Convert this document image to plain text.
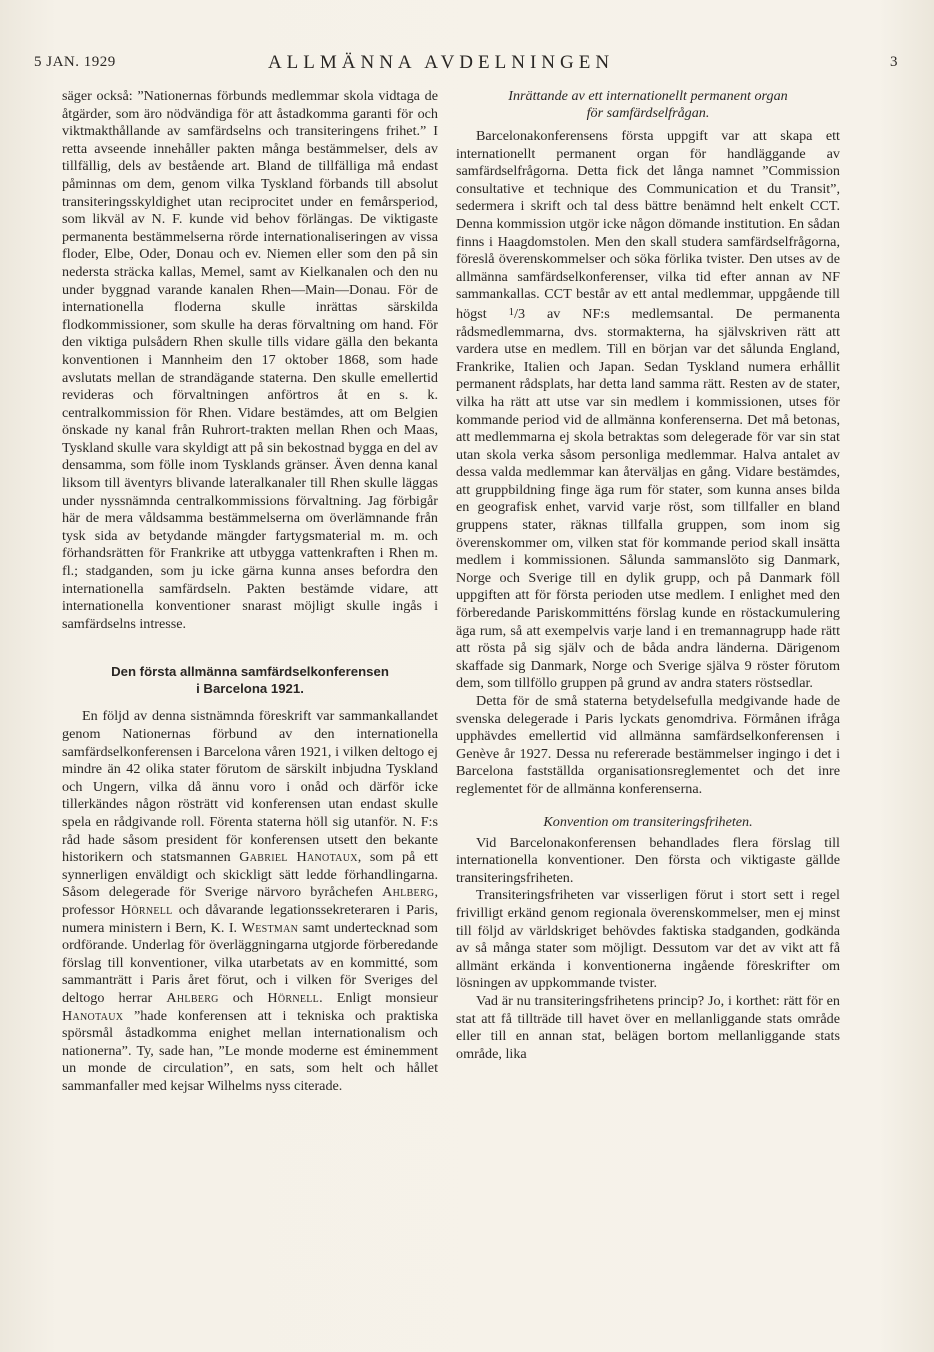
5 JAN. 1929	ALLMÄNNA AVDELNINGEN	3

säger också: ”Nationernas förbunds medlemmar skola vidtaga de åtgärder, som äro nödvändiga för att åstadkomma garanti för och viktmakthållande av samfärdselns och transiteringens frihet.” I retta avseende innehåller pakten många bestämmelser, dels av tillfällig, dels av bestående art. Bland de tillfälliga må endast påminnas om dem, genom vilka Tyskland förbands till absolut transiteringsskyldighet utan reciprocitet under en femårsperiod, som likväl av N. F. kunde vid behov förlängas. De viktigaste permanenta bestämmelserna rörde internationaliseringen av vissa floder, Elbe, Oder, Donau och ev. Niemen eller som den på sin nedersta sträcka kallas, Memel, samt av Kielkanalen och den nu under byggnad varande kanalen Rhen—Main—Donau. För de internationella floderna skulle inrättas särskilda flodkommissioner, som skulle ha deras förvaltning om hand. För den viktiga pulsådern Rhen skulle tills vidare gälla den bekanta konventionen i Mannheim den 17 oktober 1868, som hade avslutats mellan de strandägande staterna. Den skulle emellertid revideras och förvaltningen anförtros åt en s. k. centralkommission för Rhen. Vidare bestämdes, att om Belgien önskade ny kanal från Ruhrort-trakten mellan Rhen och Maas, Tyskland skulle vara skyldigt att på sin bekostnad bygga en del av densamma, som fölle inom Tysklands gränser. Även denna kanal liksom till äventyrs blivande lateralkanaler till Rhen skulle läggas under nyssnämnda centralkommissions förvaltning. Jag förbigår här de mera våldsamma bestämmelserna om överlämnande från tysk sida av betydande mängder fartygsmaterial m. m. och förhandsrätten för Frankrike att utbygga vattenkraften i Rhen m. fl.; stadganden, som ju icke gärna kunna anses befordra den internationella samfärdseln. Pakten bestämde vidare, att internationella konventioner snarast möjligt skulle ingås i samfärdselns intresse.

Den första allmänna samfärdselkonferensen
i Barcelona 1921.

En följd av denna sistnämnda föreskrift var sammankallandet genom Nationernas förbund av den internationella samfärdselkonferensen i Barcelona våren 1921, i vilken deltogo ej mindre än 42 olika stater förutom de särskilt inbjudna Tyskland och Ungern, vilka då ännu voro i onåd och därför icke tillerkändes någon rösträtt vid konferensen utan endast skulle spela en rådgivande roll. Förenta staterna höll sig utanför. N. F:s råd hade såsom president för konferensen utsett den bekante historikern och statsmannen Gabriel Hanotaux, som på ett synnerligen enväldigt och skickligt sätt ledde förhandlingarna. Såsom delegerade för Sverige närvoro byråchefen Ahlberg, professor Hörnell och dåvarande legationssekreteraren i Paris, numera ministern i Bern, K. I. Westman samt undertecknad som ordförande. Underlag för överläggningarna utgjorde förberedande förslag till konventioner, vilka utarbetats av en kommitté, som sammanträtt i Paris året förut, och i vilken för Sveriges del deltogo herrar Ahlberg och Hörnell. Enligt monsieur Hanotaux ”hade konferensen att i tekniska och praktiska spörsmål åstadkomma enighet mellan internationalism och nationerna”. Ty, sade han, ”Le monde moderne est éminemment un monde de circulation”, en sats, som helt och hållet sammanfaller med kejsar Wilhelms nyss citerade.

Inrättande av ett internationellt permanent organ
för samfärdselfrågan.

Barcelonakonferensens första uppgift var att skapa ett internationellt permanent organ för handläggande av samfärdselfrågorna. Detta fick det långa namnet ”Commission consultative et technique des Communication et du Transit”, sedermera i skrift och tal dess bättre benämnd helt enkelt CCT. Denna kommission utgör icke någon dömande institution. En sådan finns i Haagdomstolen. Men den skall studera samfärdselfrågorna, föreslå överenskommelser och söka förlika tvister. Den utses av de allmänna samfärdselkonferenser, vilka tid efter annan av NF sammankallas. CCT består av ett antal medlemmar, uppgående till högst $^1$/3 av NF:s medlemsantal. De permanenta rådsmedlemmarna, dvs. stormakterna, ha självskriven rätt att vardera utse en medlem. Till en början var det sålunda England, Frankrike, Italien och Japan. Sedan Tyskland numera erhållit permanent rådsplats, har detta land samma rätt. Resten av de stater, vilka ha rätt att utse var sin medlem i kommissionen, utses för kommande period vid de allmänna konferenserna. Det må betonas, att medlemmarna ej skola betraktas som delegerade för var sin stat utan skola verka såsom personliga medlemmar. Halva antalet av dessa valda medlemmar kan återväljas en gång. Vidare bestämdes, att gruppbildning finge äga rum för stater, som kunna anses bilda en geografisk enhet, varvid varje röst, som tillfaller en bland gruppens stater, räknas tillfalla gruppen, som inom sig överenskommer om, vilken stat för kommande period skall insätta medlem i kommissionen. Sålunda sammanslöto sig Danmark, Norge och Sverige till en dylik grupp, och på Danmark föll uppgiften att för första perioden utse medlem. I enlighet med den förberedande Pariskommitténs förslag kunde en röstackumulering äga rum, så att exempelvis varje land i en tremannagrupp hade rätt att rösta på sig själv och de båda andra länderna. Därigenom skaffade sig Danmark, Norge och Sverige själva 9 röster förutom dem, som tillföllo gruppen på grund av andra staters röstsedlar.

Detta för de små staterna betydelsefulla medgivande hade de svenska delegerade i Paris lyckats genomdriva. Förmånen ifråga upphävdes emellertid vid allmänna samfärdselkonferensen i Genève år 1927. Dessa nu refererade bestämmelser ingingo i det i Barcelona fastställda organisationsreglementet och det inre reglementet för de allmänna konferenserna.

Konvention om transiteringsfriheten.

Vid Barcelonakonferensen behandlades flera förslag till internationella konventioner. Den första och viktigaste gällde transiteringsfriheten.

Transiteringsfriheten var visserligen förut i stort sett i regel frivilligt erkänd genom regionala överenskommelser, men ej minst till följd av världskriget behövdes faktiska stadganden, godkända av så många stater som möjligt. Dessutom var det av vikt att få allmänt erkända i konventionerna ingående föreskrifter om lösningen av uppkommande tvister.

Vad är nu transiteringsfrihetens princip? Jo, i korthet: rätt för en stat att få tillträde till havet över en mellanliggande stats område eller till en annan stat, belägen bortom mellanliggande stats område, lika
